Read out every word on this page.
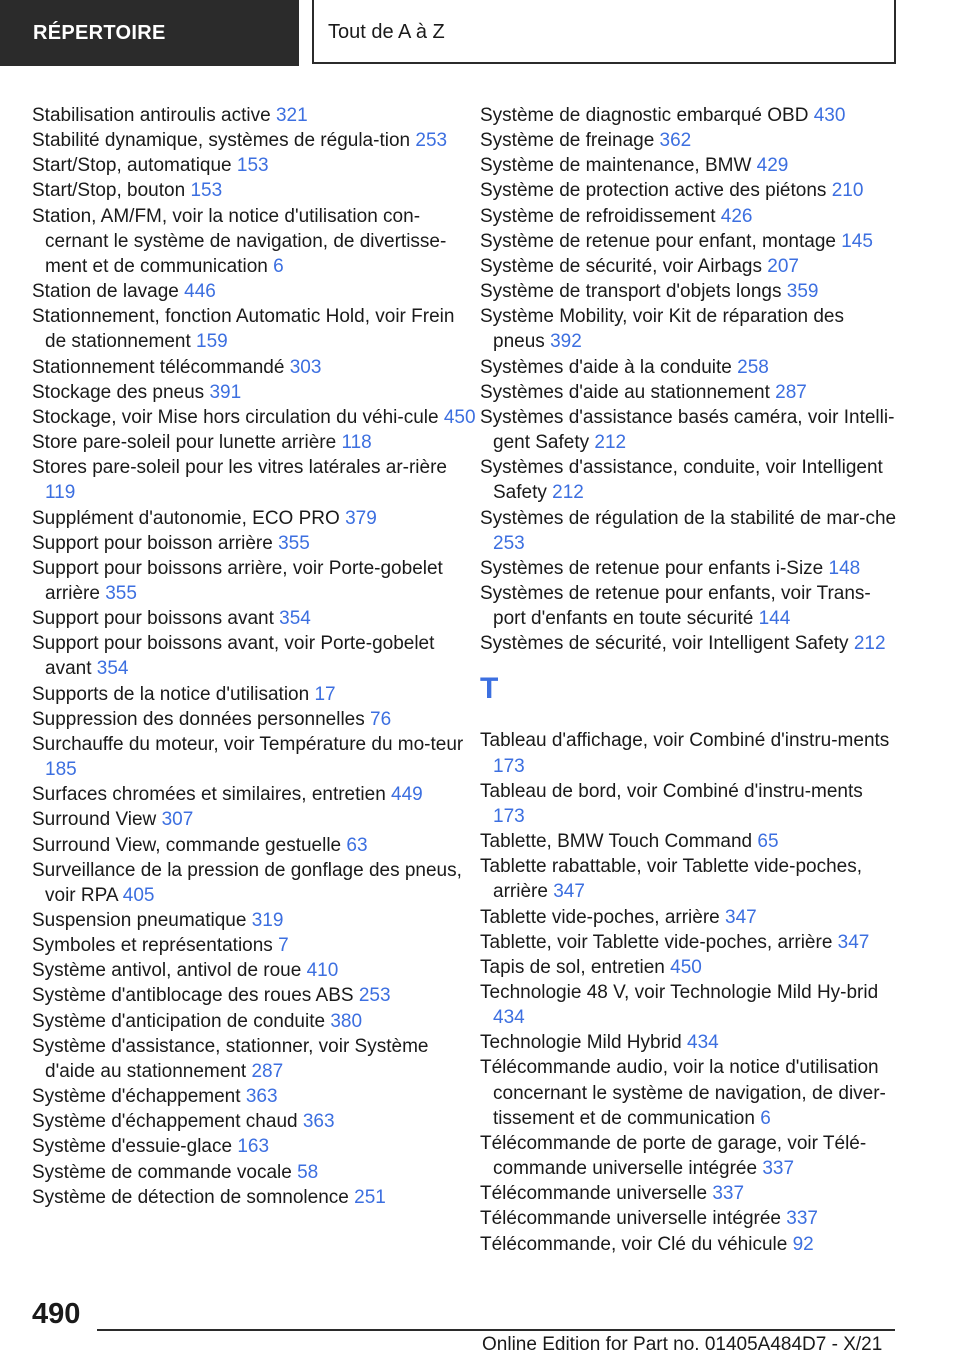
RÉPERTOIRE	Tout de A à Z

Stabilisation antiroulis active 321

Stabilité dynamique, systèmes de régula-tion 253

Start/Stop, automatique 153

Start/Stop, bouton 153

Station, AM/FM, voir la notice d'utilisation con-cernant le système de navigation, de divertisse-ment et de communication 6

Station de lavage 446

Stationnement, fonction Automatic Hold, voir Frein de stationnement 159

Stationnement télécommandé 303

Stockage des pneus 391

Stockage, voir Mise hors circulation du véhi-cule 450

Store pare-soleil pour lunette arrière 118

Stores pare-soleil pour les vitres latérales ar-rière 119

Supplément d'autonomie, ECO PRO 379

Support pour boisson arrière 355

Support pour boissons arrière, voir Porte-gobelet arrière 355

Support pour boissons avant 354

Support pour boissons avant, voir Porte-gobelet avant 354

Supports de la notice d'utilisation 17

Suppression des données personnelles 76

Surchauffe du moteur, voir Température du mo-teur 185

Surfaces chromées et similaires, entretien 449

Surround View 307

Surround View, commande gestuelle 63

Surveillance de la pression de gonflage des pneus, voir RPA 405

Suspension pneumatique 319

Symboles et représentations 7

Système antivol, antivol de roue 410

Système d'antiblocage des roues ABS 253

Système d'anticipation de conduite 380

Système d'assistance, stationner, voir Système d'aide au stationnement 287

Système d'échappement 363

Système d'échappement chaud 363

Système d'essuie-glace 163

Système de commande vocale 58

Système de détection de somnolence 251

Système de diagnostic embarqué OBD 430

Système de freinage 362

Système de maintenance, BMW 429

Système de protection active des piétons 210

Système de refroidissement 426

Système de retenue pour enfant, montage 145

Système de sécurité, voir Airbags 207

Système de transport d'objets longs 359

Système Mobility, voir Kit de réparation des pneus 392

Systèmes d'aide à la conduite 258

Systèmes d'aide au stationnement 287

Systèmes d'assistance basés caméra, voir Intelli-gent Safety 212

Systèmes d'assistance, conduite, voir Intelligent Safety 212

Systèmes de régulation de la stabilité de mar-che 253

Systèmes de retenue pour enfants i-Size 148

Systèmes de retenue pour enfants, voir Trans-port d'enfants en toute sécurité 144

Systèmes de sécurité, voir Intelligent Safety 212

T

Tableau d'affichage, voir Combiné d'instru-ments 173

Tableau de bord, voir Combiné d'instru-ments 173

Tablette, BMW Touch Command 65

Tablette rabattable, voir Tablette vide-poches, arrière 347

Tablette vide-poches, arrière 347

Tablette, voir Tablette vide-poches, arrière 347

Tapis de sol, entretien 450

Technologie 48 V, voir Technologie Mild Hy-brid 434

Technologie Mild Hybrid 434

Télécommande audio, voir la notice d'utilisation concernant le système de navigation, de diver-tissement et de communication 6

Télécommande de porte de garage, voir Télé-commande universelle intégrée 337

Télécommande universelle 337

Télécommande universelle intégrée 337

Télécommande, voir Clé du véhicule 92

490
Online Edition for Part no. 01405A484D7 - X/21
